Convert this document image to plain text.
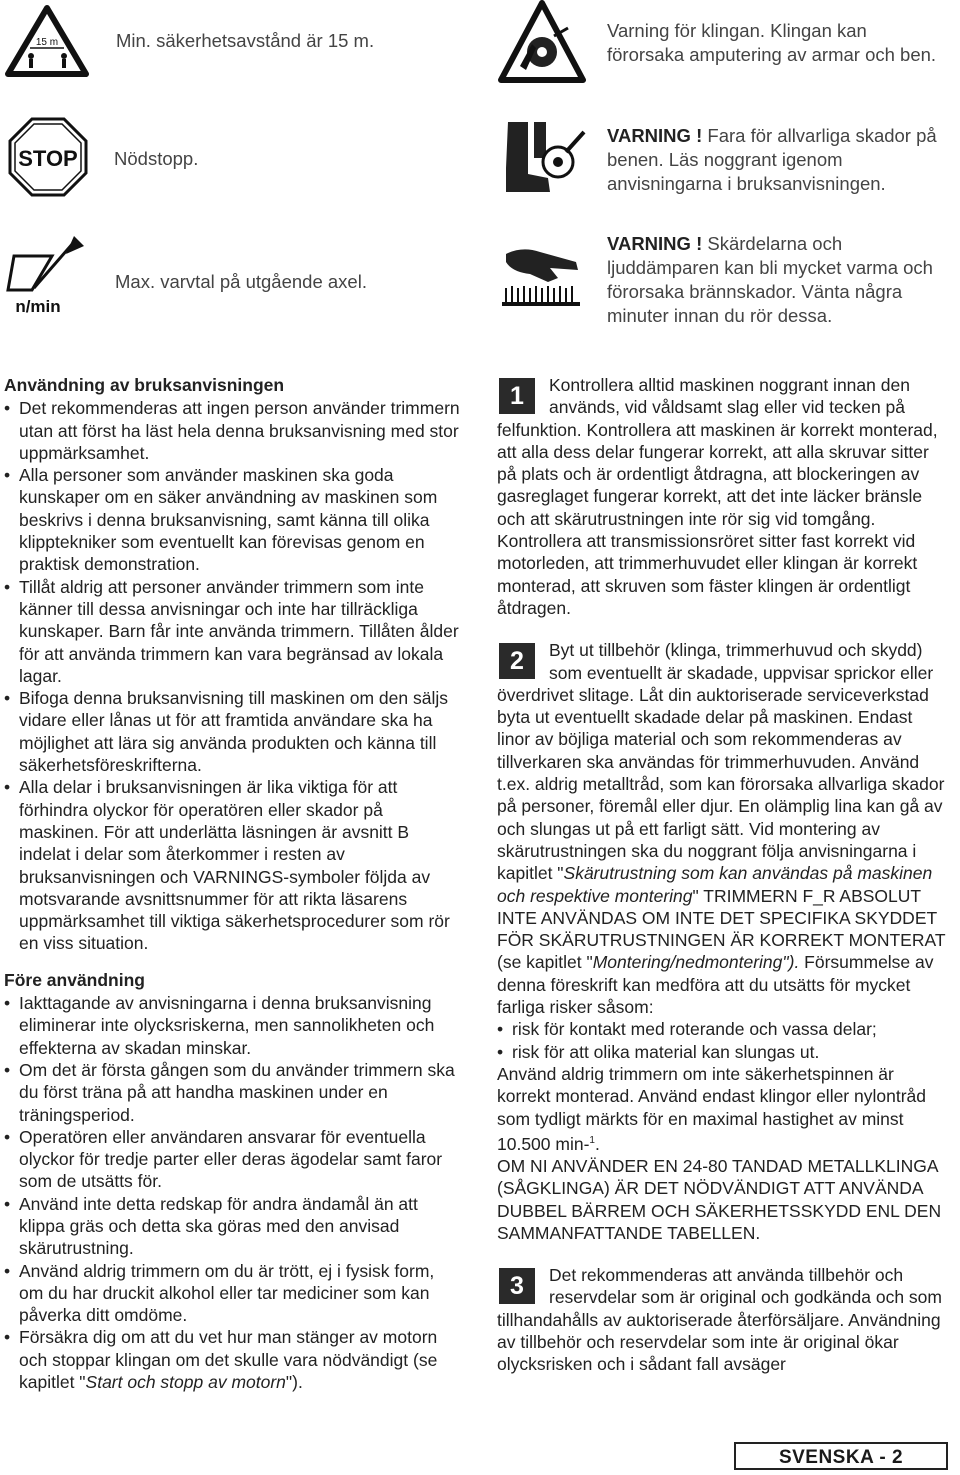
15 m	Min. säkerhetsavstånd är 15 m.	Varning för klingan. Klingan kan förorsaka amputering av armar och ben.
STOP Nödstopp.
VARNING ! Fara för allvarliga skador på benen. Läs noggrant igenom anvisningarna i bruksanvisningen.
n/min
Max. varvtal på utgående axel.
VARNING ! Skärdelarna och ljuddämparen kan bli mycket varma och förorsaka brännskador. Vänta några minuter innan du rör dessa.

Användning av bruksanvisningen

• Det rekommenderas att ingen person använder trimmern utan att först ha läst hela denna bruksanvisning med stor uppmärksamhet.

• Alla personer som använder maskinen ska goda kunskaper om en säker användning av maskinen som beskrivs i denna bruksanvisning, samt känna till olika klipptekniker som eventuellt kan förevisas genom en praktisk demonstration.

• Tillåt aldrig att personer använder trimmern som inte känner till dessa anvisningar och inte har tillräckliga kunskaper. Barn får inte använda trimmern. Tillåten ålder för att använda trimmern kan vara begränsad av lokala lagar.

• Bifoga denna bruksanvisning till maskinen om den säljs vidare eller lånas ut för att framtida användare ska ha möjlighet att lära sig använda produkten och känna till säkerhetsföreskrifterna.

• Alla delar i bruksanvisningen är lika viktiga för att förhindra olyckor för operatören eller skador på maskinen. För att underlätta läsningen är avsnitt B indelat i delar som återkommer i resten av bruksanvisningen och VARNINGS-symboler följda av motsvarande avsnittsnummer för att rikta läsarens uppmärksamhet till viktiga säkerhetsprocedurer som rör en viss situation.

Före användning

• Iakttagande av anvisningarna i denna bruksanvisning eliminerar inte olycksriskerna, men sannolikheten och effekterna av skadan minskar.

• Om det är första gången som du använder trimmern ska du först träna på att handha maskinen under en träningsperiod.

• Operatören eller användaren ansvarar för eventuella olyckor för tredje parter eller deras ägodelar samt faror som de utsätts för.

• Använd inte detta redskap för andra ändamål än att klippa gräs och detta ska göras med den anvisad skärutrustning.

• Använd aldrig trimmern om du är trött, ej i fysisk form, om du har druckit alkohol eller tar mediciner som kan påverka ditt omdöme.

• Försäkra dig om att du vet hur man stänger av motorn och stoppar klingan om det skulle vara nödvändigt (se kapitlet "Start och stopp av motorn").

1	Kontrollera alltid maskinen noggrant innan den används, vid våldsamt slag eller vid tecken på felfunktion. Kontrollera att maskinen är korrekt monterad, att alla dess delar fungerar korrekt, att alla skruvar sitter på plats och är ordentligt åtdragna, att blockeringen av gasreglaget fungerar korrekt, att det inte läcker bränsle och att skärutrustningen inte rör sig vid tomgång. Kontrollera att transmissionsröret sitter fast korrekt vid motorleden, att trimmerhuvudet eller klingan är korrekt monterad, att skruven som fäster klingen är ordentligt åtdragen.
2	Byt ut tillbehör (klinga, trimmerhuvud och skydd) som eventuellt är skadade, uppvisar sprickor eller överdrivet slitage. Låt din auktoriserade serviceverkstad byta ut eventuellt skadade delar på maskinen. Endast linor av böjliga material och som rekommenderas av tillverkaren ska användas för trimmerhuvuden. Använd t.ex. aldrig metalltråd, som kan förorsaka allvarliga skador på personer, föremål eller djur. En olämplig lina kan gå av och slungas ut på ett farligt sätt. Vid montering av skärutrustningen ska du noggrant följa anvisningarna i kapitlet "Skärutrustning som kan användas på maskinen och respektive montering" TRIMMERN F_R ABSOLUT INTE ANVÄNDAS OM INTE DET SPECIFIKA SKYDDET FÖR SKÄRUTRUSTNINGEN ÄR KORREKT MONTERAT (se kapitlet "Montering/nedmontering"). Försummelse av denna föreskrift kan medföra att du utsätts för mycket farliga risker såsom:
• risk för kontakt med roterande och vassa delar;
• risk för att olika material kan slungas ut.
Använd aldrig trimmern om inte säkerhetspinnen är korrekt monterad. Använd endast klingor eller nylontråd som tydligt märkts för en maximal hastighet av minst 10.500 min-$^1$.
OM NI ANVÄNDER EN 24-80 TANDAD METALLKLINGA (SÅGKLINGA) ÄR DET NÖDVÄNDIGT ATT ANVÄNDA DUBBEL BÄRREM OCH SÄKERHETSSKYDD ENL DEN SAMMANFATTANDE TABELLEN.
3	Det rekommenderas att använda tillbehör och reservdelar som är original och godkända och som tillhandahålls av auktoriserade återförsäljare. Användning av tillbehör och reservdelar som inte är original ökar olycksrisken och i sådant fall avsäger
SVENSKA - 2
